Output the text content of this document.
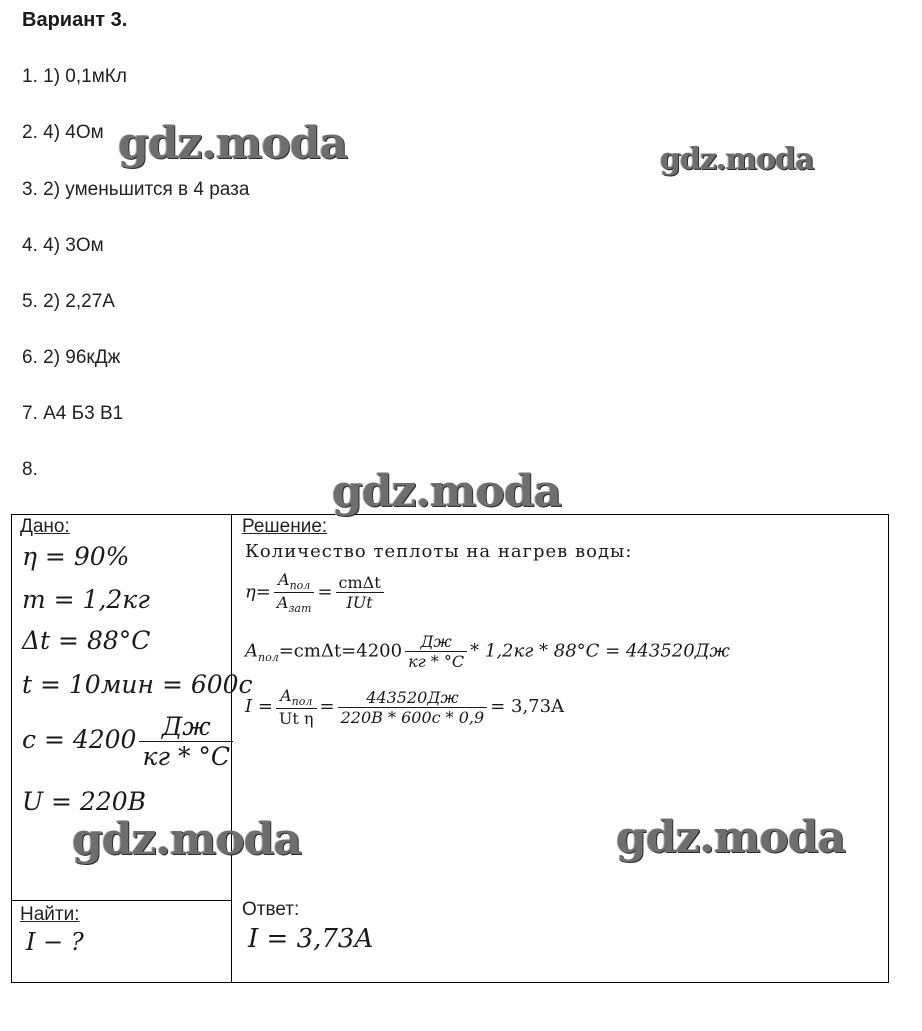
Вариант 3.
1. 1) 0,1мКл
2. 4) 4Ом
3. 2) уменьшится в 4 раза
4. 4) 3Ом
5. 2) 2,27А
6. 2) 96кДж
7. А4 Б3 В1
8.
Дано:
η = 90%
m = 1,2кг
Δt = 88°C
t = 10мин = 600с
$c = 4200 \frac{Дж}{кг * ^\circ C}$
U = 220В
Найти:
I − ?
Решение:
Количество теплоты на нагрев воды:
$\eta= \frac{A_{пол}}{A_{зат}} = \frac{\text{cmΔt}}{\text{IUt}}$
$A_{пол}=cm\Delta t=4200 \frac{Дж}{кг * ^\circ C} * 1,2кг * 88^\circ C = 443520Дж$
$I = \frac{A_{пол}}{\text{Ut η}} = \frac{443520Дж}{220В * 600с * 0,9} = 3,73A$
Ответ:
I = 3,73A
gdz.moda	gdz.moda
gdz.moda
gdz.moda	gdz.moda
